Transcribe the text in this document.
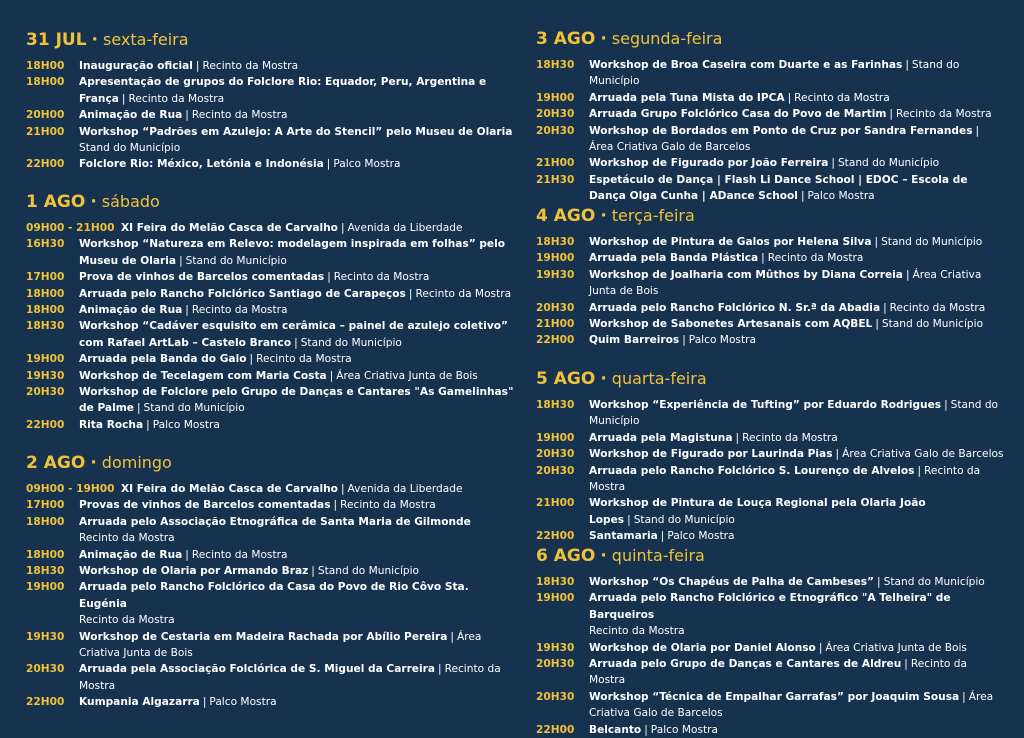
31 JUL · sexta-feira
18H00	Inauguração oficial | Recinto da Mostra
18H00	Apresentação de grupos do Folclore Rio: Equador, Peru, Argentina e França | Recinto da Mostra
20H00	Animação de Rua | Recinto da Mostra
21H00	Workshop “Padrões em Azulejo: A Arte do Stencil” pelo Museu de Olaria
Stand do Município
22H00	Folclore Rio: México, Letónia e Indonésia | Palco Mostra
1 AGO · sábado
09H00 - 21H00 XI Feira do Melão Casca de Carvalho | Avenida da Liberdade
16H30	Workshop “Natureza em Relevo: modelagem inspirada em folhas” pelo Museu de Olaria | Stand do Município
17H00	Prova de vinhos de Barcelos comentadas | Recinto da Mostra
18H00	Arruada pelo Rancho Folclórico Santiago de Carapeços | Recinto da Mostra
18H00	Animação de Rua | Recinto da Mostra
18H30	Workshop “Cadáver esquisito em cerâmica – painel de azulejo coletivo” com Rafael ArtLab – Castelo Branco | Stand do Município
19H00	Arruada pela Banda do Galo | Recinto da Mostra
19H30	Workshop de Tecelagem com Maria Costa | Área Criativa Junta de Bois
20H30	Workshop de Folclore pelo Grupo de Danças e Cantares "As Gamelinhas" de Palme | Stand do Município
22H00	Rita Rocha | Palco Mostra
2 AGO · domingo
09H00 - 19H00 XI Feira do Melão Casca de Carvalho | Avenida da Liberdade
17H00	Provas de vinhos de Barcelos comentadas | Recinto da Mostra
18H00	Arruada pelo Associação Etnográfica de Santa Maria de Gilmonde
Recinto da Mostra
18H00	Animação de Rua | Recinto da Mostra
18H30	Workshop de Olaria por Armando Braz | Stand do Município
19H00	Arruada pelo Rancho Folclórico da Casa do Povo de Rio Côvo Sta. Eugénia
Recinto da Mostra
19H30	Workshop de Cestaria em Madeira Rachada por Abílio Pereira | Área Criativa Junta de Bois
20H30	Arruada pela Associação Folclórica de S. Miguel da Carreira | Recinto da Mostra
22H00	Kumpania Algazarra | Palco Mostra
3 AGO · segunda-feira
18H30	Workshop de Broa Caseira com Duarte e as Farinhas | Stand do Município
19H00	Arruada pela Tuna Mista do IPCA | Recinto da Mostra
20H30	Arruada Grupo Folclórico Casa do Povo de Martim | Recinto da Mostra
20H30	Workshop de Bordados em Ponto de Cruz por Sandra Fernandes |Área Criativa Galo de Barcelos
21H00	Workshop de Figurado por João Ferreira | Stand do Município
21H30	Espetáculo de Dança | Flash Li Dance School | EDOC – Escola de Dança Olga Cunha | ADance School | Palco Mostra
4 AGO · terça-feira
18H30	Workshop de Pintura de Galos por Helena Silva | Stand do Município
19H00	Arruada pela Banda Plástica | Recinto da Mostra
19H30	Workshop de Joalharia com Mûthos by Diana Correia | Área Criativa Junta de Bois
20H30	Arruada pelo Rancho Folclórico N. Sr.ª da Abadia | Recinto da Mostra
21H00	Workshop de Sabonetes Artesanais com AQBEL | Stand do Município
22H00	Quim Barreiros | Palco Mostra
5 AGO · quarta-feira
18H30	Workshop “Experiência de Tufting” por Eduardo Rodrigues | Stand do Município
19H00	Arruada pela Magistuna | Recinto da Mostra
20H30	Workshop de Figurado por Laurinda Pias | Área Criativa Galo de Barcelos
20H30	Arruada pelo Rancho Folclórico S. Lourenço de Alvelos | Recinto da Mostra
21H00	Workshop de Pintura de Louça Regional pela Olaria João Lopes | Stand do Município
22H00	Santamaria | Palco Mostra
6 AGO · quinta-feira
18H30	Workshop “Os Chapéus de Palha de Cambeses” | Stand do Município
19H00	Arruada pelo Rancho Folclórico e Etnográfico "A Telheira" de Barqueiros
Recinto da Mostra
19H30	Workshop de Olaria por Daniel Alonso | Área Criativa Junta de Bois
20H30	Arruada pelo Grupo de Danças e Cantares de Aldreu | Recinto da Mostra
20H30	Workshop “Técnica de Empalhar Garrafas” por Joaquim Sousa | Área Criativa Galo de Barcelos
22H00	Belcanto | Palco Mostra
